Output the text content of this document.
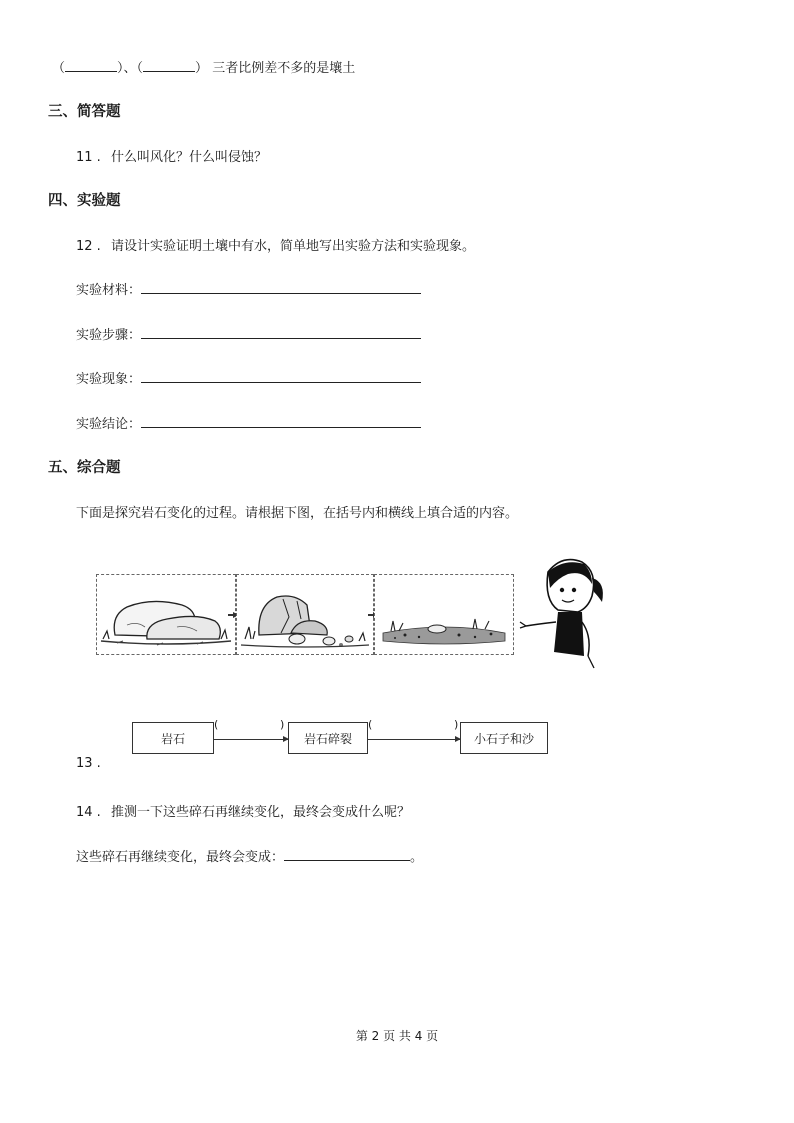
（	）、（	） 三者比例差不多的是壤土
三、简答题
11 . 什么叫风化？什么叫侵蚀？
四、实验题
12 . 请设计实验证明土壤中有水，简单地写出实验方法和实验现象。
实验材料：
实验步骤：
实验现象：
实验结论：
五、综合题
下面是探究岩石变化的过程。请根据下图，在括号内和横线上填合适的内容。
岩石
(	)
岩石碎裂
(	)
小石子和沙
13 .
14 . 推测一下这些碎石再继续变化，最终会变成什么呢？
这些碎石再继续变化，最终会变成：	。
第 2 页 共 4 页
